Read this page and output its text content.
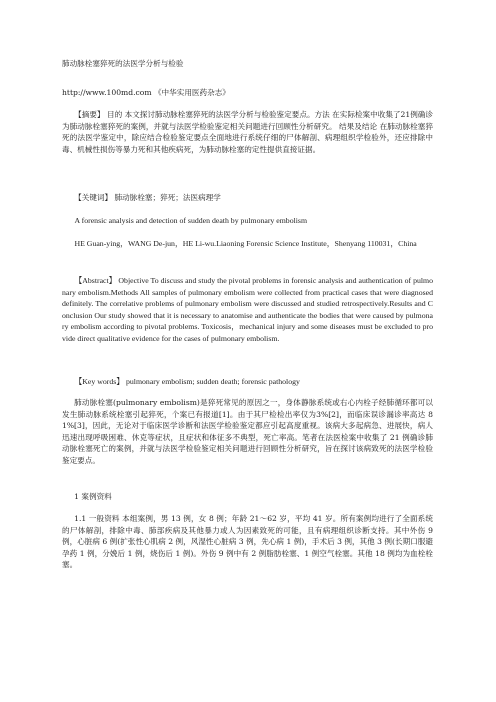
肺动脉栓塞猝死的法医学分析与检验
http://www.100md.com 《中华实用医药杂志》
【摘要】 目的 本文探讨肺动脉栓塞猝死的法医学分析与检验鉴定要点。方法 在实际检案中收集了21例确诊为肺动脉栓塞猝死的案例，并就与法医学检验鉴定相关问题进行回顾性分析研究。 结果及结论 在肺动脉栓塞猝死的法医学鉴定中，除应结合检验鉴定要点全面地进行系统仔细的尸体解剖、病理组织学检验外，还应排除中毒、机械性损伤等暴力死和其他疾病死，为肺动脉栓塞的定性提供直接证据。
【关键词】 肺动脉栓塞；猝死；法医病理学
A forensic analysis and detection of sudden death by pulmonary embolism
HE Guan-ying，WANG De-jun，HE Li-wu.Liaoning Forensic Science Institute，Shenyang 110031，China
【Abstract】 Objective To discuss and study the pivotal problems in forensic analysis and authentication of pulmonary embolism.Methods All samples of pulmonary embolism were collected from practical cases that were diagnosed definitely. The correlative problems of pulmonary embolism were discussed and studied retrospectively.Results and Conclusion Our study showed that it is necessary to anatomise and authenticate the bodies that were caused by pulmonary embolism according to pivotal problems. Toxicosis，mechanical injury and some diseases must be excluded to provide direct qualitative evidence for the cases of pulmonary embolism.
【Key words】 pulmonary embolism; sudden death; forensic pathology
肺动脉栓塞(pulmonary embolism)是猝死常见的原因之一，身体静脉系统或右心内栓子经肺循环都可以发生肺动脉系统栓塞引起猝死，个案已有报道[1]。由于其尸检检出率仅为3%[2]，而临床误诊漏诊率高达 81%[3]，因此，无论对于临床医学诊断和法医学检验鉴定都应引起高度重视。该病大多起病急、进展快，病人迅速出现呼吸困难、休克等症状，且症状和体征多不典型，死亡率高。笔者在法医检案中收集了 21 例确诊肺动脉栓塞死亡的案例，并就与法医学检验鉴定相关问题进行回顾性分析研究，旨在探讨该病致死的法医学检验鉴定要点。
1 案例资料
1.1 一般资料 本组案例，男 13 例，女 8 例；年龄 21～62 岁，平均 41 岁。所有案例均进行了全面系统的尸体解剖，排除中毒、肺部疾病及其他暴力或人为因素致死的可能，且有病理组织诊断支持。其中外伤 9 例，心脏病 6 例(扩张性心肌病 2 例，风湿性心脏病 3 例，先心病 1 例)，手术后 3 例，其他 3 例(长期口服避孕药 1 例，分娩后 1 例，烧伤后 1 例)。外伤 9 例中有 2 例脂肪栓塞、1 例空气栓塞。其他 18 例均为血栓栓塞。
